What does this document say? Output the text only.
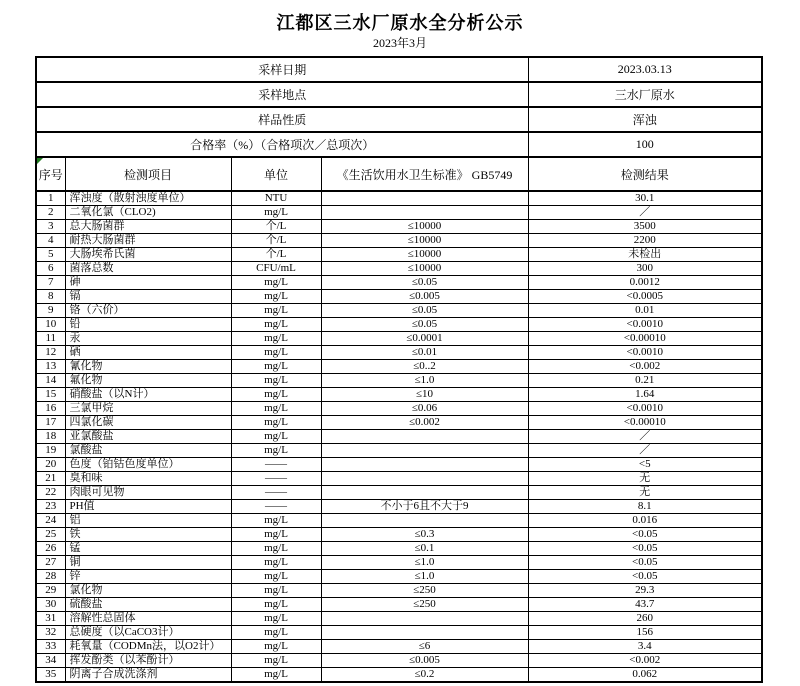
江都区三水厂原水全分析公示
2023年3月
采样日期				2023.03.13
采样地点				三水厂原水
样品性质				浑浊
合格率（%）（合格项次／总项次）				100

序号	检测项目	单位	《生活饮用水卫生标准》 GB5749	检测结果
1	浑浊度（散射浊度单位）	NTU		30.1
2	二氧化氯（CLO2)	mg/L		／
3	总大肠菌群	个/L	≤10000	3500
4	耐热大肠菌群	个/L	≤10000	2200
5	大肠埃希氏菌	个/L	≤10000	未检出
6	菌落总数	CFU/mL	≤10000	300
7	砷	mg/L	≤0.05	0.0012
8	镉	mg/L	≤0.005	<0.0005
9	铬（六价）	mg/L	≤0.05	0.01
10	铅	mg/L	≤0.05	<0.0010
11	汞	mg/L	≤0.0001	<0.00010
12	硒	mg/L	≤0.01	<0.0010
13	氰化物	mg/L	≤0..2	<0.002
14	氟化物	mg/L	≤1.0	0.21
15	硝酸盐（以N计）	mg/L	≤10	1.64
16	三氯甲烷	mg/L	≤0.06	<0.0010
17	四氯化碳	mg/L	≤0.002	<0.00010
18	亚氯酸盐	mg/L		／
19	氯酸盐	mg/L		／
20	色度（铂钴色度单位）	——		<5
21	臭和味	——		无
22	肉眼可见物	——		无
23	PH值	——	不小于6且不大于9	8.1
24	铝	mg/L		0.016
25	铁	mg/L	≤0.3	<0.05
26	锰	mg/L	≤0.1	<0.05
27	铜	mg/L	≤1.0	<0.05
28	锌	mg/L	≤1.0	<0.05
29	氯化物	mg/L	≤250	29.3
30	硫酸盐	mg/L	≤250	43.7
31	溶解性总固体	mg/L		260
32	总硬度（以CaCO3计）	mg/L		156
33	耗氧量（CODMn法，以O2计）	mg/L	≤6	3.4
34	挥发酚类（以苯酚计）	mg/L	≤0.005	<0.002
35	阴离子合成洗涤剂	mg/L	≤0.2	0.062
